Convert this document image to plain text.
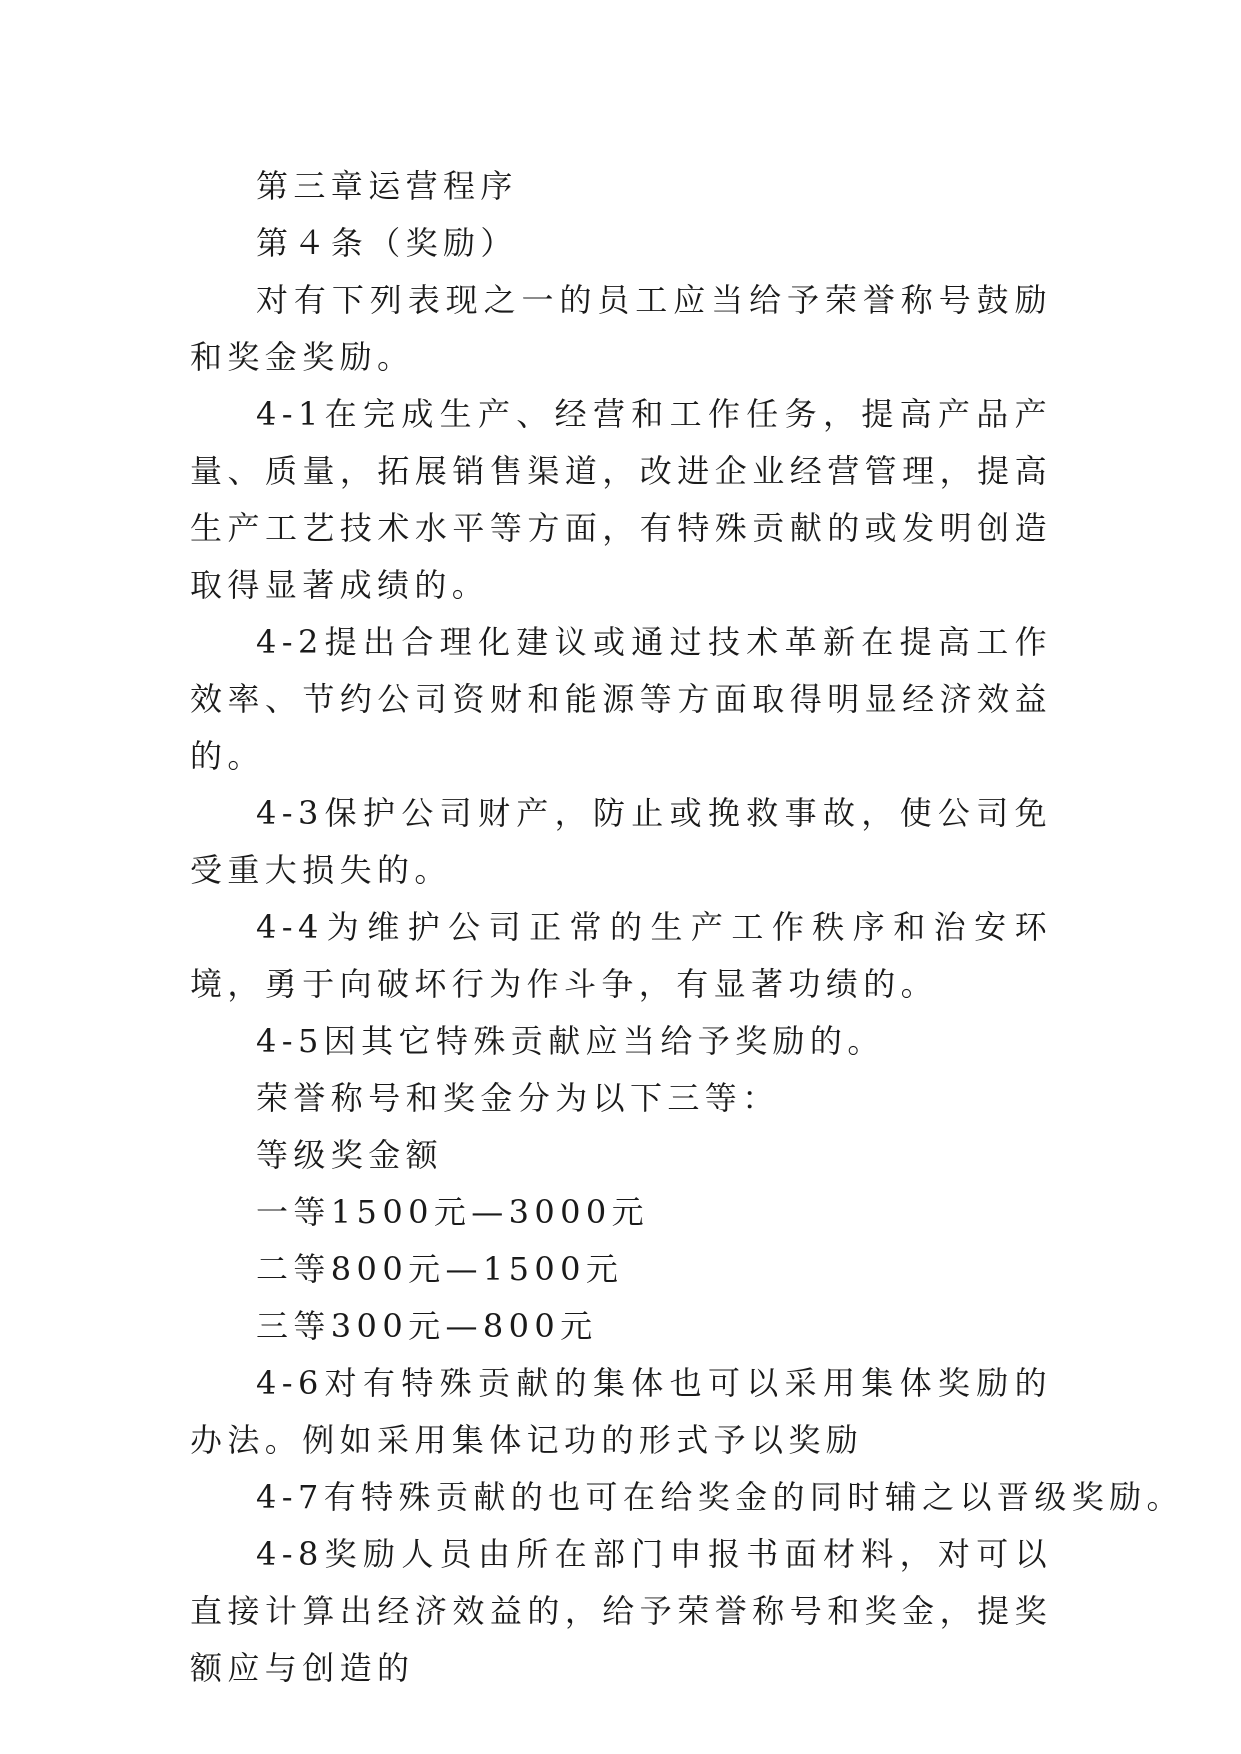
第三章运营程序

第４条（奖励）

对有下列表现之一的员工应当给予荣誉称号鼓励和奖金奖励。

4-1在完成生产、经营和工作任务，提高产品产量、质量，拓展销售渠道，改进企业经营管理，提高生产工艺技术水平等方面，有特殊贡献的或发明创造取得显著成绩的。

4-2提出合理化建议或通过技术革新在提高工作效率、节约公司资财和能源等方面取得明显经济效益的。

4-3保护公司财产，防止或挽救事故，使公司免受重大损失的。

4-4为维护公司正常的生产工作秩序和治安环境，勇于向破坏行为作斗争，有显著功绩的。

4-5因其它特殊贡献应当给予奖励的。

荣誉称号和奖金分为以下三等：

等级奖金额

一等1500元—3000元

二等800元—1500元

三等300元—800元

4-6对有特殊贡献的集体也可以采用集体奖励的办法。例如采用集体记功的形式予以奖励

4-7有特殊贡献的也可在给奖金的同时辅之以晋级奖励。

4-8奖励人员由所在部门申报书面材料，对可以直接计算出经济效益的，给予荣誉称号和奖金，提奖额应与创造的
